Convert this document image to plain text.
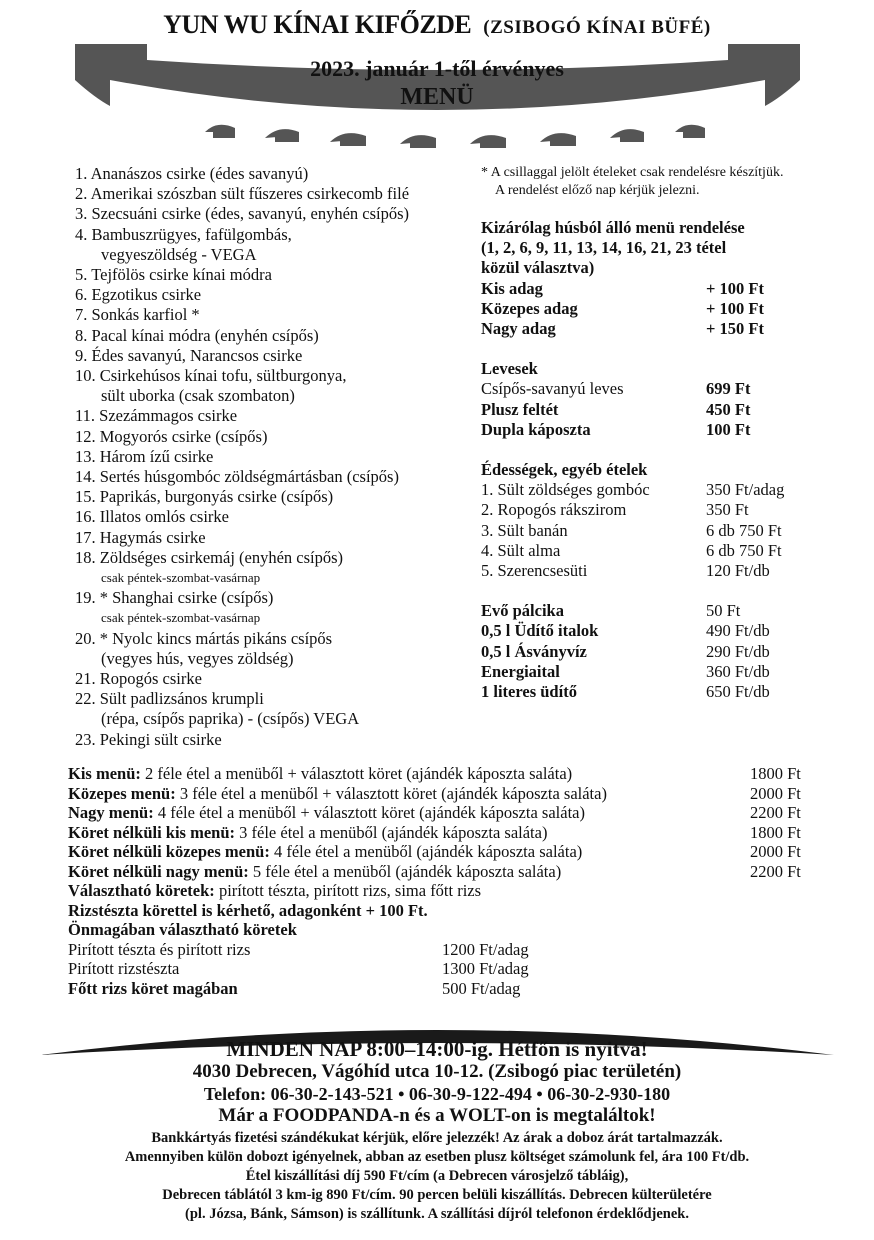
YUN WU KÍNAI KIFŐZDE (ZSIBOGÓ KÍNAI BÜFÉ)
2023. január 1-től érvényes
MENÜ
1. Ananászos csirke (édes savanyú)
2. Amerikai szószban sült fűszeres csirkecomb filé
3. Szecsuáni csirke (édes, savanyú, enyhén csípős)
4. Bambuszrügyes, fafülgombás,
vegyeszöldség - VEGA
5. Tejfölös csirke kínai módra
6. Egzotikus csirke
7. Sonkás karfiol *
8. Pacal kínai módra (enyhén csípős)
9. Édes savanyú, Narancsos csirke
10. Csirkehúsos kínai tofu, sültburgonya,
sült uborka (csak szombaton)
11. Szezámmagos csirke
12. Mogyorós csirke (csípős)
13. Három ízű csirke
14. Sertés húsgombóc zöldségmártásban (csípős)
15. Paprikás, burgonyás csirke (csípős)
16. Illatos omlós csirke
17. Hagymás csirke
18. Zöldséges csirkemáj (enyhén csípős)
csak péntek-szombat-vasárnap
19. * Shanghai csirke (csípős)
csak péntek-szombat-vasárnap
20. * Nyolc kincs mártás pikáns csípős
(vegyes hús, vegyes zöldség)
21. Ropogós csirke
22. Sült padlizsános krumpli
(répa, csípős paprika) - (csípős) VEGA
23. Pekingi sült csirke
* A csillaggal jelölt ételeket csak rendelésre készítjük.
A rendelést előző nap kérjük jelezni.
Kizárólag húsból álló menü rendelése
(1, 2, 6, 9, 11, 13, 14, 16, 21, 23 tétel
közül választva)
Kis adag	+ 100 Ft
Közepes adag	+ 100 Ft
Nagy adag	+ 150 Ft
Levesek
Csípős-savanyú leves	699 Ft
Plusz feltét	450 Ft
Dupla káposzta	100 Ft
Édességek, egyéb ételek
1. Sült zöldséges gombóc	350 Ft/adag
2. Ropogós rákszirom	350 Ft
3. Sült banán	6 db 750 Ft
4. Sült alma	6 db 750 Ft
5. Szerencsesüti	120 Ft/db
Evő pálcika	50 Ft
0,5 l Üdítő italok	490 Ft/db
0,5 l Ásványvíz	290 Ft/db
Energiaital	360 Ft/db
1 literes üdítő	650 Ft/db
Kis menü: 2 féle étel a menüből + választott köret (ajándék káposzta saláta)	1800 Ft
Közepes menü: 3 féle étel a menüből + választott köret (ajándék káposzta saláta)	2000 Ft
Nagy menü: 4 féle étel a menüből + választott köret (ajándék káposzta saláta)	2200 Ft
Köret nélküli kis menü: 3 féle étel a menüből (ajándék káposzta saláta)	1800 Ft
Köret nélküli közepes menü: 4 féle étel a menüből (ajándék káposzta saláta)	2000 Ft
Köret nélküli nagy menü: 5 féle étel a menüből (ajándék káposzta saláta)	2200 Ft
Választható köretek: pirított tészta, pirított rizs, sima főtt rizs
Rizstészta körettel is kérhető, adagonként + 100 Ft.
Önmagában választható köretek
Pirított tészta és pirított rizs	1200 Ft/adag
Pirított rizstészta	1300 Ft/adag
Főtt rizs köret magában	500 Ft/adag
MINDEN NAP 8:00–14:00-ig. Hétfőn is nyitva!
4030 Debrecen, Vágóhíd utca 10-12. (Zsibogó piac területén)
Telefon: 06-30-2-143-521 • 06-30-9-122-494 • 06-30-2-930-180
Már a FOODPANDA-n és a WOLT-on is megtaláltok!
Bankkártyás fizetési szándékukat kérjük, előre jelezzék! Az árak a doboz árát tartalmazzák.
Amennyiben külön dobozt igényelnek, abban az esetben plusz költséget számolunk fel, ára 100 Ft/db.
Étel kiszállítási díj 590 Ft/cím (a Debrecen városjelző tábláig),
Debrecen táblától 3 km-ig 890 Ft/cím. 90 percen belüli kiszállítás. Debrecen külterületére
(pl. Józsa, Bánk, Sámson) is szállítunk. A szállítási díjról telefonon érdeklődjenek.
